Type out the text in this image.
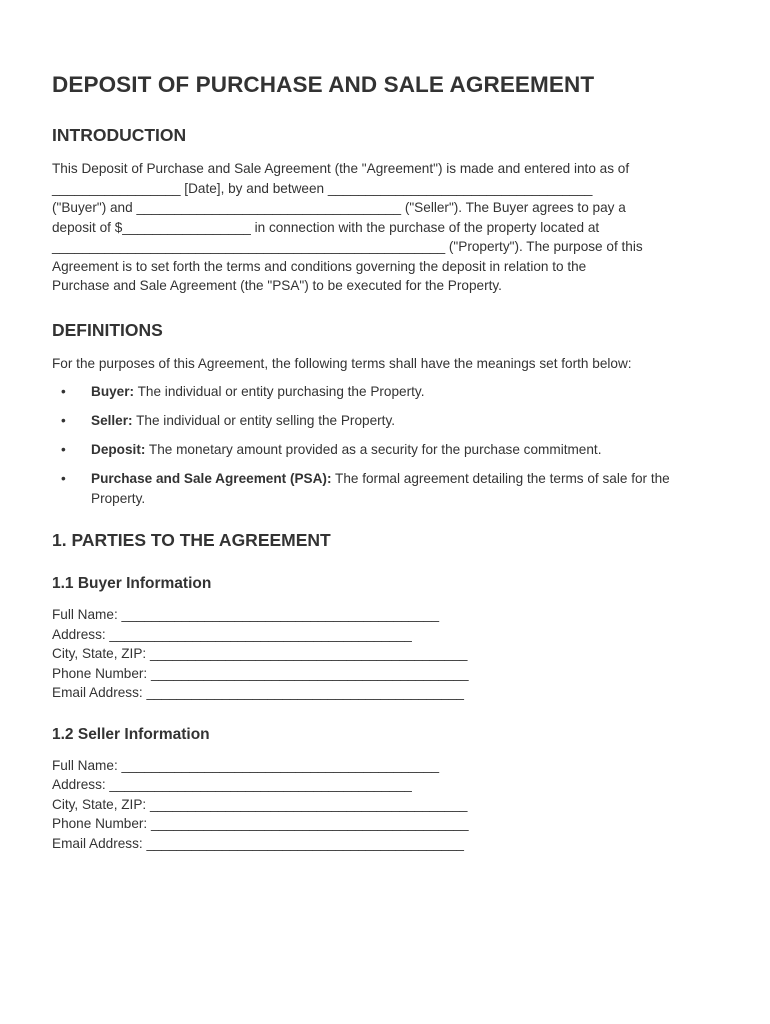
DEPOSIT OF PURCHASE AND SALE AGREEMENT
INTRODUCTION

This Deposit of Purchase and Sale Agreement (the "Agreement") is made and entered into as of
_________________ [Date], by and between ___________________________________
("Buyer") and ___________________________________ ("Seller"). The Buyer agrees to pay a
deposit of $_________________ in connection with the purchase of the property located at
____________________________________________________ ("Property"). The purpose of this
Agreement is to set forth the terms and conditions governing the deposit in relation to the
Purchase and Sale Agreement (the "PSA") to be executed for the Property.

DEFINITIONS

For the purposes of this Agreement, the following terms shall have the meanings set forth below:

• Buyer: The individual or entity purchasing the Property.
• Seller: The individual or entity selling the Property.
• Deposit: The monetary amount provided as a security for the purchase commitment.
• Purchase and Sale Agreement (PSA): The formal agreement detailing the terms of sale for the Property.
1. PARTIES TO THE AGREEMENT
1.1 Buyer Information
Full Name: __________________________________________
Address: ________________________________________
City, State, ZIP: __________________________________________
Phone Number: __________________________________________
Email Address: __________________________________________
1.2 Seller Information
Full Name: __________________________________________
Address: ________________________________________
City, State, ZIP: __________________________________________
Phone Number: __________________________________________
Email Address: __________________________________________
